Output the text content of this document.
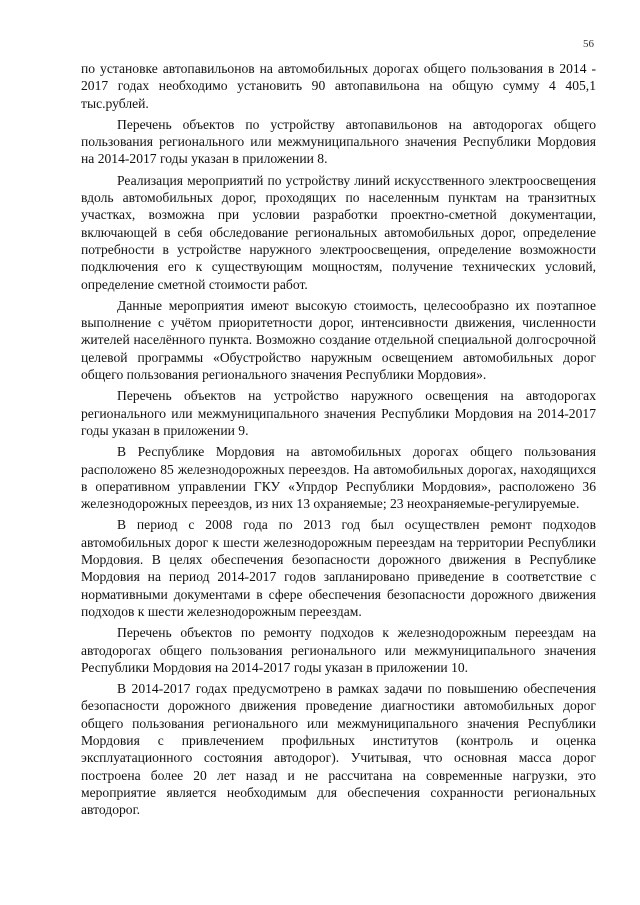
56

по установке автопавильонов на автомобильных дорогах общего пользования в 2014 - 2017 годах необходимо установить 90 автопавильона на общую сумму 4 405,1 тыс.рублей.

Перечень объектов по устройству автопавильонов на автодорогах общего пользования регионального или межмуниципального значения Республики Мордовия на 2014-2017 годы указан в приложении 8.

Реализация мероприятий по устройству линий искусственного электроосвещения вдоль автомобильных дорог, проходящих по населенным пунктам на транзитных участках, возможна при условии разработки проектно-сметной документации, включающей в себя обследование региональных автомобильных дорог, определение потребности в устройстве наружного электроосвещения, определение возможности подключения его к существующим мощностям, получение технических условий, определение сметной стоимости работ.

Данные мероприятия имеют высокую стоимость, целесообразно их поэтапное выполнение с учётом приоритетности дорог, интенсивности движения, численности жителей населённого пункта. Возможно создание отдельной специальной долгосрочной целевой программы «Обустройство наружным освещением автомобильных дорог общего пользования регионального значения Республики Мордовия».

Перечень объектов на устройство наружного освещения на автодорогах регионального или межмуниципального значения Республики Мордовия на 2014-2017 годы указан в приложении 9.

В Республике Мордовия на автомобильных дорогах общего пользования расположено 85 железнодорожных переездов. На автомобильных дорогах, находящихся в оперативном управлении ГКУ «Упрдор Республики Мордовия», расположено 36 железнодорожных переездов, из них 13 охраняемые; 23 неохраняемые-регулируемые.

В период с 2008 года по 2013 год был осуществлен ремонт подходов автомобильных дорог к шести железнодорожным переездам на территории Республики Мордовия. В целях обеспечения безопасности дорожного движения в Республике Мордовия на период 2014-2017 годов запланировано приведение в соответствие с нормативными документами в сфере обеспечения безопасности дорожного движения подходов к шести железнодорожным переездам.

Перечень объектов по ремонту подходов к железнодорожным переездам на автодорогах общего пользования регионального или межмуниципального значения Республики Мордовия на 2014-2017 годы указан в приложении 10.

В 2014-2017 годах предусмотрено в рамках задачи по повышению обеспечения безопасности дорожного движения проведение диагностики автомобильных дорог общего пользования регионального или межмуниципального значения Республики Мордовия с привлечением профильных институтов (контроль и оценка эксплуатационного состояния автодорог). Учитывая, что основная масса дорог построена более 20 лет назад и не рассчитана на современные нагрузки, это мероприятие является необходимым для обеспечения сохранности региональных автодорог.
